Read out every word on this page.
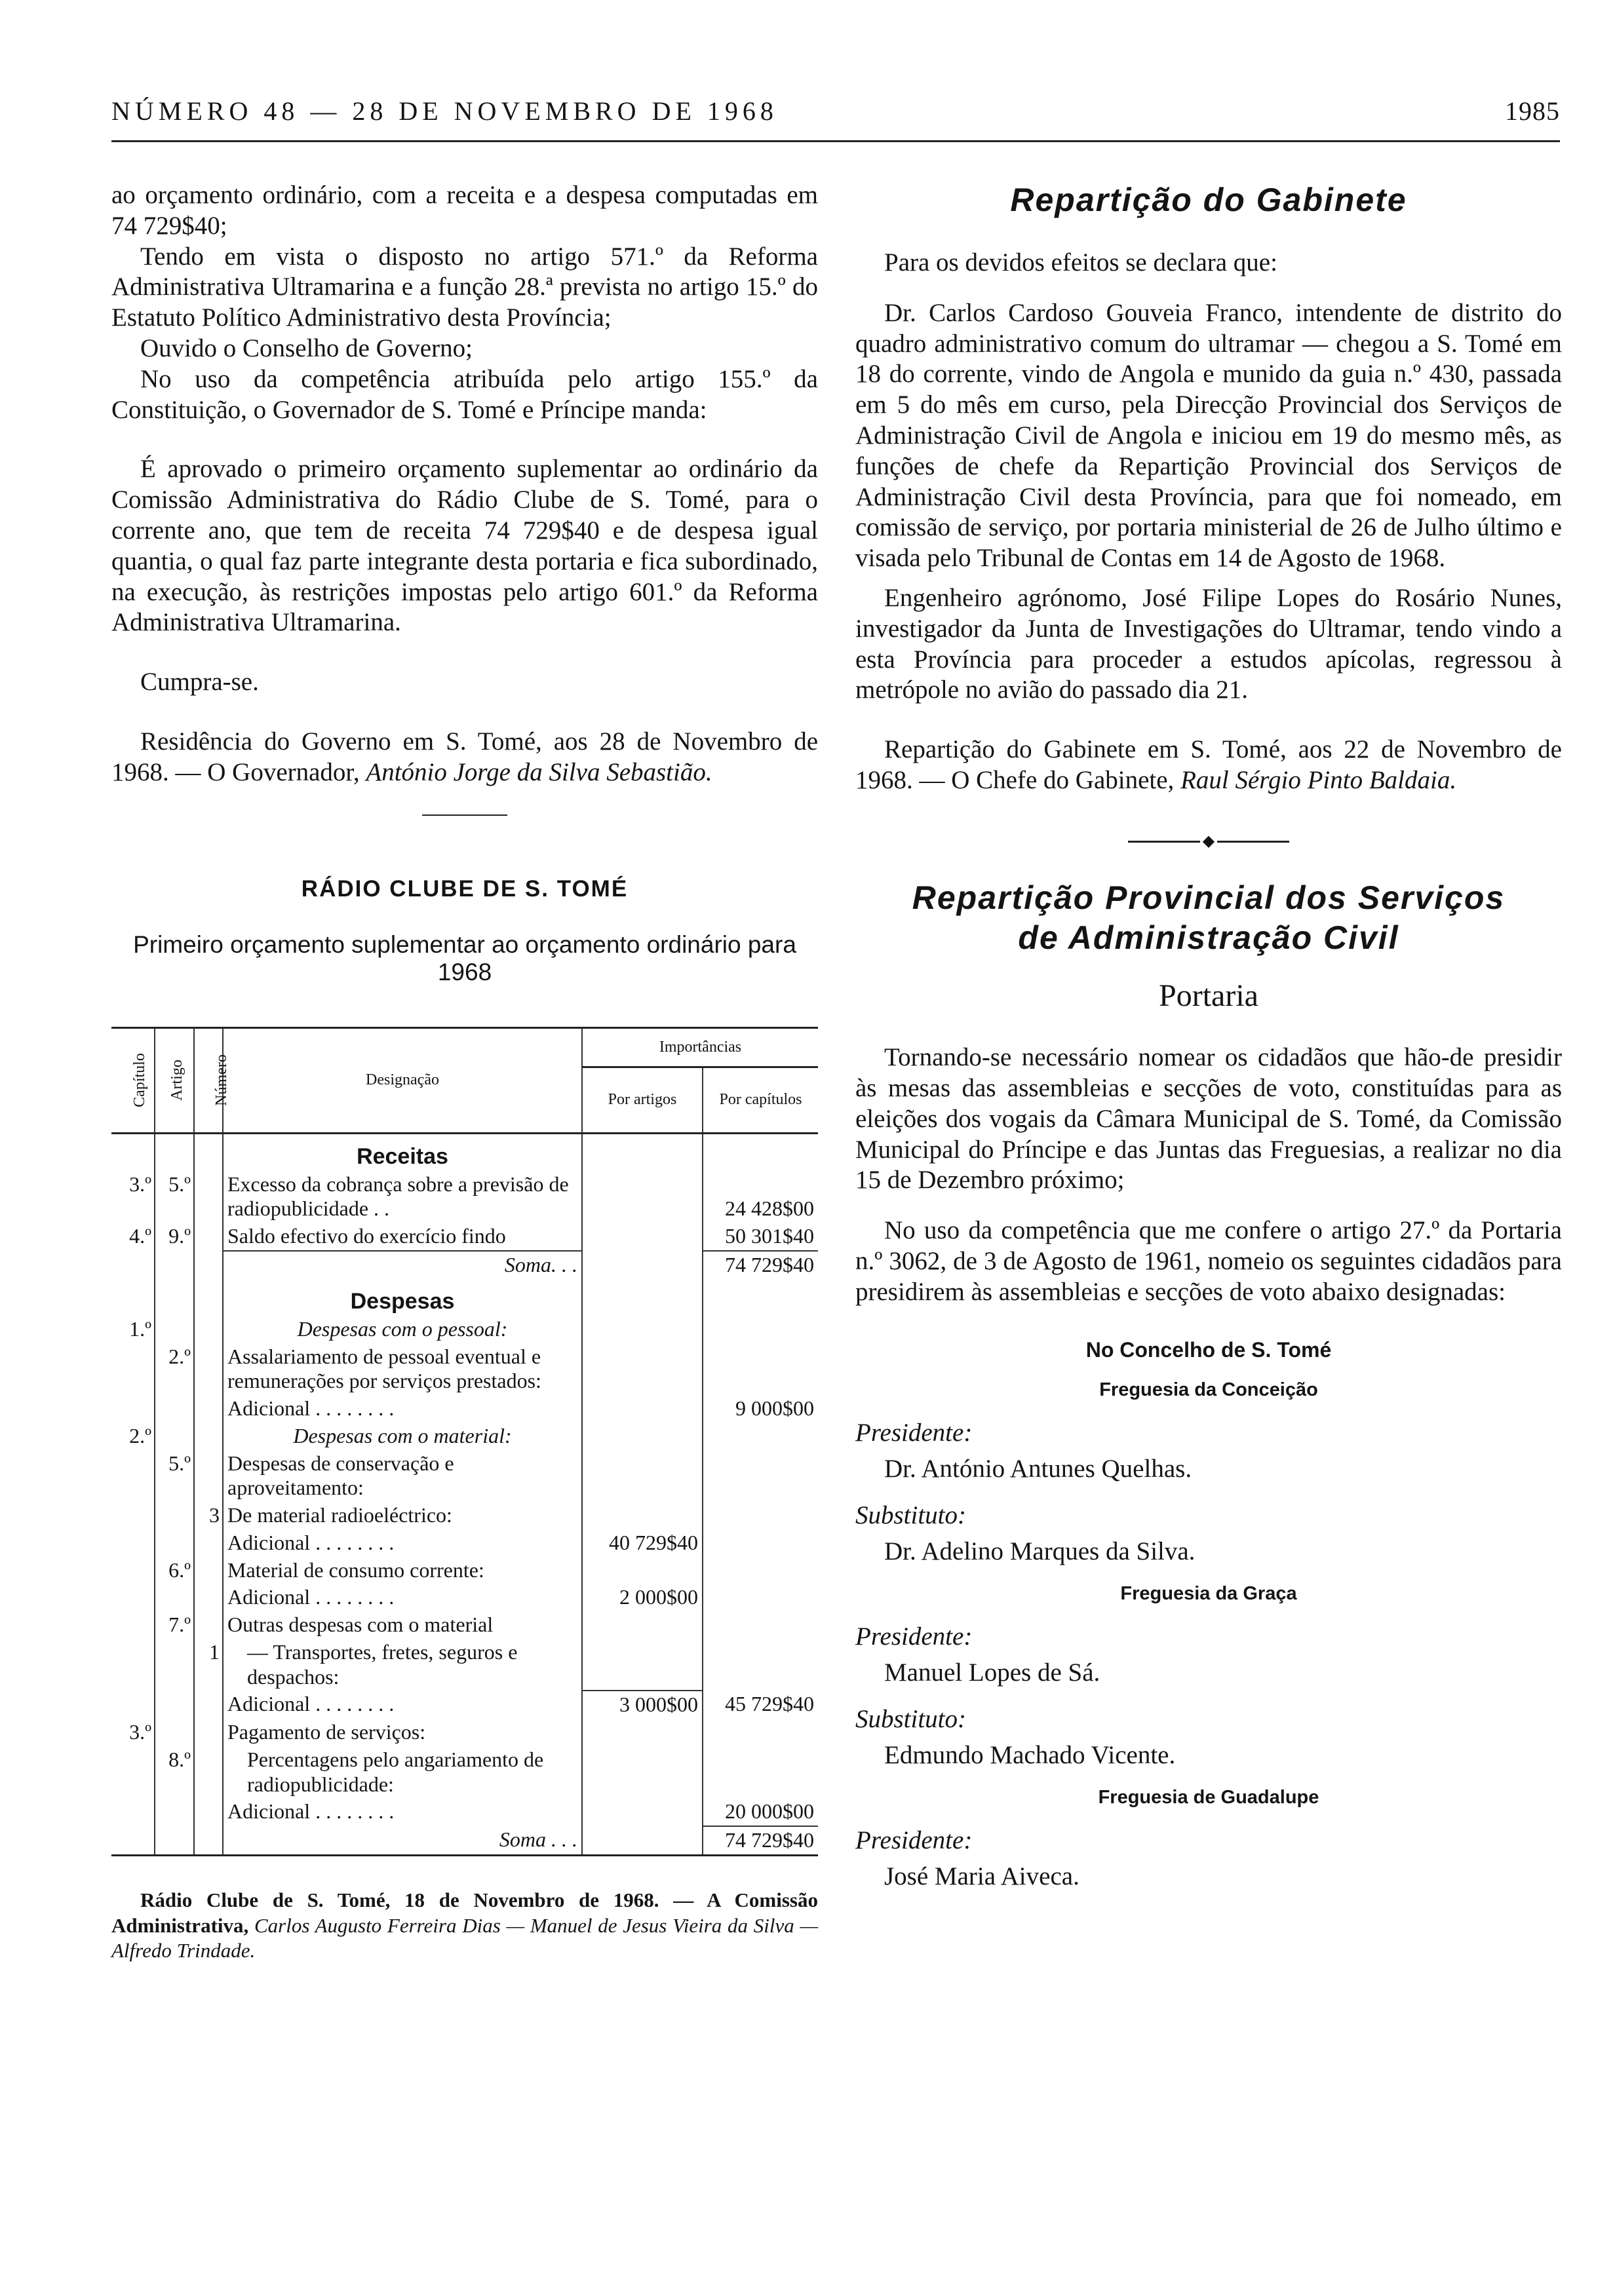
NÚMERO 48 — 28 DE NOVEMBRO DE 1968	1985

ao orçamento ordinário, com a receita e a despesa computadas em 74 729$40;

Tendo em vista o disposto no artigo 571.º da Reforma Administrativa Ultramarina e a função 28.ª prevista no artigo 15.º do Estatuto Político Administrativo desta Província;

Ouvido o Conselho de Governo;

No uso da competência atribuída pelo artigo 155.º da Constituição, o Governador de S. Tomé e Príncipe manda:

É aprovado o primeiro orçamento suplementar ao ordinário da Comissão Administrativa do Rádio Clube de S. Tomé, para o corrente ano, que tem de receita 74 729$40 e de despesa igual quantia, o qual faz parte integrante desta portaria e fica subordinado, na execução, às restrições impostas pelo artigo 601.º da Reforma Administrativa Ultramarina.

Cumpra-se.

Residência do Governo em S. Tomé, aos 28 de Novembro de 1968. — O Governador, António Jorge da Silva Sebastião.

RÁDIO CLUBE DE S. TOMÉ
Primeiro orçamento suplementar ao orçamento ordinário para 1968
Capítulo	Artigo	Número	Designação	Importâncias	
				Por artigos	Por capítulos
			Receitas		
3.º	5.º		Excesso da cobrança sobre a previsão de radiopublicidade . .		24 428$00
4.º	9.º		Saldo efectivo do exercício findo		50 301$40
			Soma. . .		74 729$40
			Despesas		
1.º			Despesas com o pessoal:		
	2.º		Assalariamento de pessoal eventual e remunerações por serviços prestados:		
			Adicional . . . . . . . .		9 000$00
2.º			Despesas com o material:		
	5.º		Despesas de conservação e aproveitamento:		
		3	De material radioeléctrico:		
			Adicional . . . . . . . .	40 729$40	
	6.º		Material de consumo corrente:		
			Adicional . . . . . . . .	2 000$00	
	7.º		Outras despesas com o material		
		1	— Transportes, fretes, seguros e despachos:		
			Adicional . . . . . . . .	3 000$00	45 729$40
3.º			Pagamento de serviços:		
	8.º		Percentagens pelo angariamento de radiopublicidade:		
			Adicional . . . . . . . .		20 000$00
			Soma . . .		74 729$40

Rádio Clube de S. Tomé, 18 de Novembro de 1968. — A Comissão Administrativa, Carlos Augusto Ferreira Dias — Manuel de Jesus Vieira da Silva — Alfredo Trindade.

Repartição do Gabinete

Para os devidos efeitos se declara que:

Dr. Carlos Cardoso Gouveia Franco, intendente de distrito do quadro administrativo comum do ultramar — chegou a S. Tomé em 18 do corrente, vindo de Angola e munido da guia n.º 430, passada em 5 do mês em curso, pela Direcção Provincial dos Serviços de Administração Civil de Angola e iniciou em 19 do mesmo mês, as funções de chefe da Repartição Provincial dos Serviços de Administração Civil desta Província, para que foi nomeado, em comissão de serviço, por portaria ministerial de 26 de Julho último e visada pelo Tribunal de Contas em 14 de Agosto de 1968.

Engenheiro agrónomo, José Filipe Lopes do Rosário Nunes, investigador da Junta de Investigações do Ultramar, tendo vindo a esta Província para proceder a estudos apícolas, regressou à metrópole no avião do passado dia 21.

Repartição do Gabinete em S. Tomé, aos 22 de Novembro de 1968. — O Chefe do Gabinete, Raul Sérgio Pinto Baldaia.

◆
Repartição Provincial dos Serviços
de Administração Civil
Portaria

Tornando-se necessário nomear os cidadãos que hão-de presidir às mesas das assembleias e secções de voto, constituídas para as eleições dos vogais da Câmara Municipal de S. Tomé, da Comissão Municipal do Príncipe e das Juntas das Freguesias, a realizar no dia 15 de Dezembro próximo;

No uso da competência que me confere o artigo 27.º da Portaria n.º 3062, de 3 de Agosto de 1961, nomeio os seguintes cidadãos para presidirem às assembleias e secções de voto abaixo designadas:

No Concelho de S. Tomé
Freguesia da Conceição
Presidente:
Dr. António Antunes Quelhas.
Substituto:
Dr. Adelino Marques da Silva.
Freguesia da Graça
Presidente:
Manuel Lopes de Sá.
Substituto:
Edmundo Machado Vicente.
Freguesia de Guadalupe
Presidente:
José Maria Aiveca.
